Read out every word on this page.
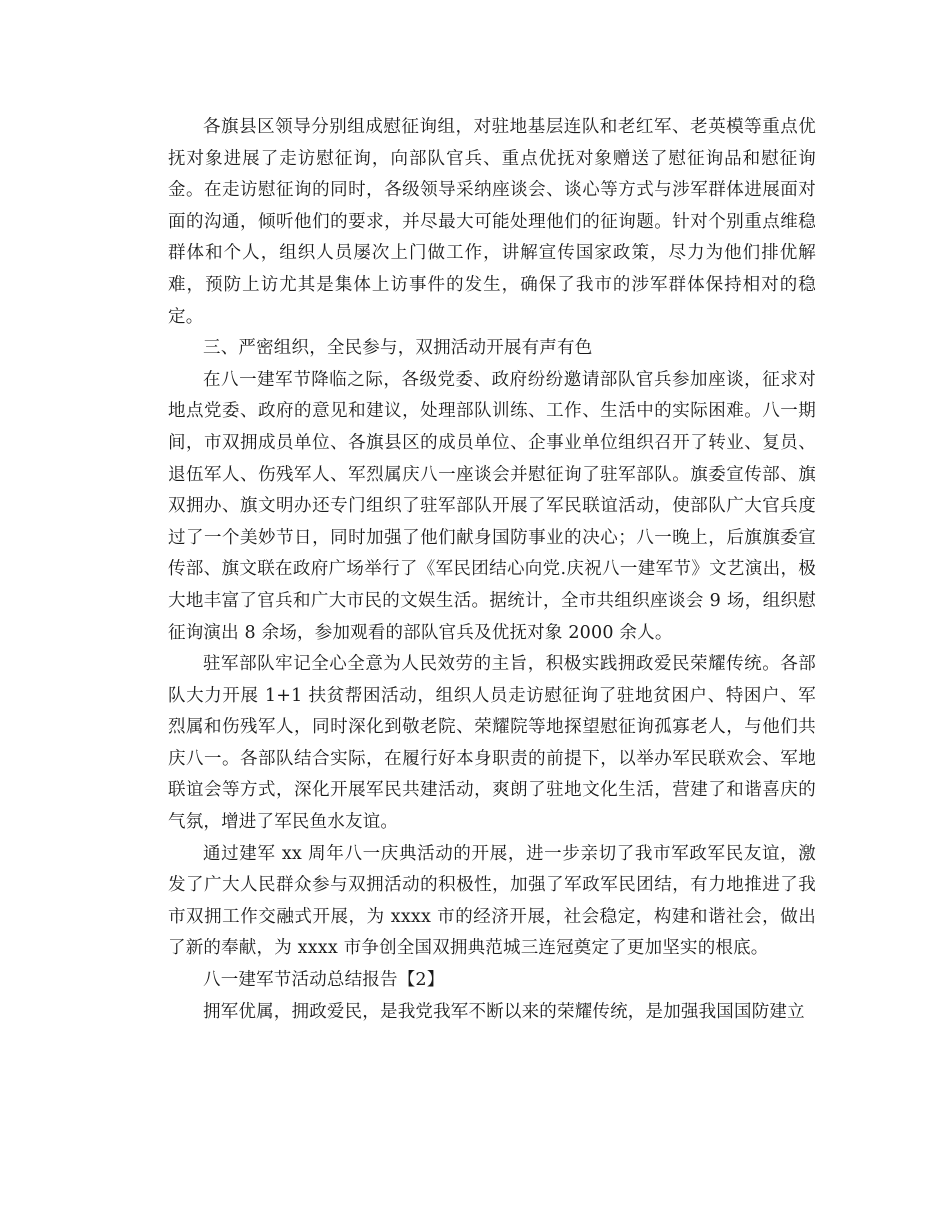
各旗县区领导分别组成慰征询组，对驻地基层连队和老红军、老英模等重点优抚对象进展了走访慰征询，向部队官兵、重点优抚对象赠送了慰征询品和慰征询金。在走访慰征询的同时，各级领导采纳座谈会、谈心等方式与涉军群体进展面对面的沟通，倾听他们的要求，并尽最大可能处理他们的征询题。针对个别重点维稳群体和个人，组织人员屡次上门做工作，讲解宣传国家政策，尽力为他们排优解难，预防上访尤其是集体上访事件的发生，确保了我市的涉军群体保持相对的稳定。

三、严密组织，全民参与，双拥活动开展有声有色

在八一建军节降临之际，各级党委、政府纷纷邀请部队官兵参加座谈，征求对地点党委、政府的意见和建议，处理部队训练、工作、生活中的实际困难。八一期间，市双拥成员单位、各旗县区的成员单位、企事业单位组织召开了转业、复员、退伍军人、伤残军人、军烈属庆八一座谈会并慰征询了驻军部队。旗委宣传部、旗双拥办、旗文明办还专门组织了驻军部队开展了军民联谊活动，使部队广大官兵度过了一个美妙节日，同时加强了他们献身国防事业的决心；八一晚上，后旗旗委宣传部、旗文联在政府广场举行了《军民团结心向党.庆祝八一建军节》文艺演出，极大地丰富了官兵和广大市民的文娱生活。据统计，全市共组织座谈会 9 场，组织慰征询演出 8 余场，参加观看的部队官兵及优抚对象 2000 余人。

驻军部队牢记全心全意为人民效劳的主旨，积极实践拥政爱民荣耀传统。各部队大力开展 1+1 扶贫帮困活动，组织人员走访慰征询了驻地贫困户、特困户、军烈属和伤残军人，同时深化到敬老院、荣耀院等地探望慰征询孤寡老人，与他们共庆八一。各部队结合实际，在履行好本身职责的前提下，以举办军民联欢会、军地联谊会等方式，深化开展军民共建活动，爽朗了驻地文化生活，营建了和谐喜庆的气氛，增进了军民鱼水友谊。

通过建军 xx 周年八一庆典活动的开展，进一步亲切了我市军政军民友谊，激发了广大人民群众参与双拥活动的积极性，加强了军政军民团结，有力地推进了我市双拥工作交融式开展，为 xxxx 市的经济开展，社会稳定，构建和谐社会，做出了新的奉献，为 xxxx 市争创全国双拥典范城三连冠奠定了更加坚实的根底。

八一建军节活动总结报告【2】

拥军优属，拥政爱民，是我党我军不断以来的荣耀传统，是加强我国国防建立
